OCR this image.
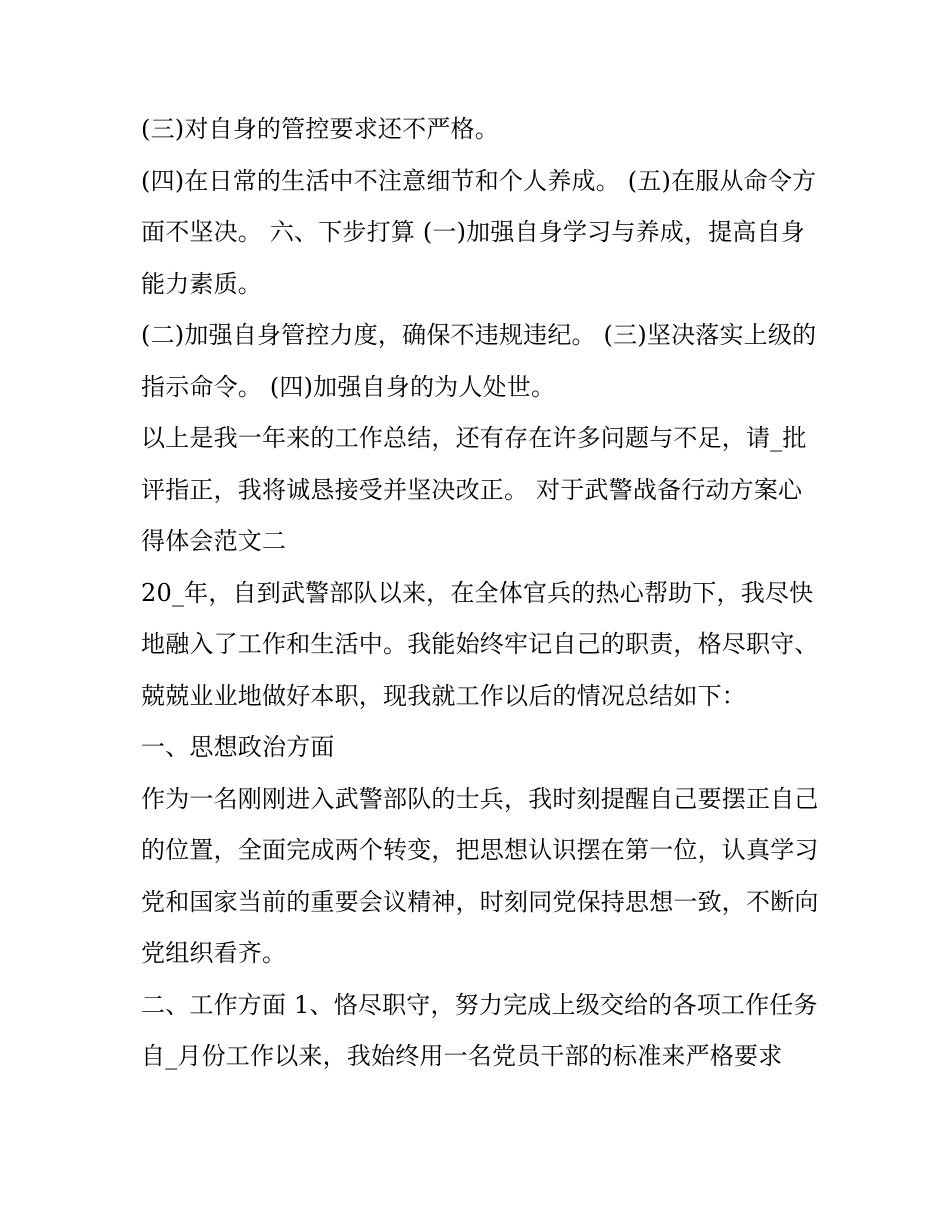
(三)对自身的管控要求还不严格。

(四)在日常的生活中不注意细节和个人养成。 (五)在服从命令方面不坚决。 六、下步打算 (一)加强自身学习与养成，提高自身能力素质。

(二)加强自身管控力度，确保不违规违纪。 (三)坚决落实上级的指示命令。 (四)加强自身的为人处世。

以上是我一年来的工作总结，还有存在许多问题与不足，请_批评指正，我将诚恳接受并坚决改正。 对于武警战备行动方案心得体会范文二

20_年，自到武警部队以来，在全体官兵的热心帮助下，我尽快地融入了工作和生活中。我能始终牢记自己的职责，格尽职守、兢兢业业地做好本职，现我就工作以后的情况总结如下：

一、思想政治方面

作为一名刚刚进入武警部队的士兵，我时刻提醒自己要摆正自己的位置，全面完成两个转变，把思想认识摆在第一位，认真学习党和国家当前的重要会议精神，时刻同党保持思想一致，不断向党组织看齐。

二、工作方面 1、恪尽职守，努力完成上级交给的各项工作任务

自_月份工作以来，我始终用一名党员干部的标准来严格要求
